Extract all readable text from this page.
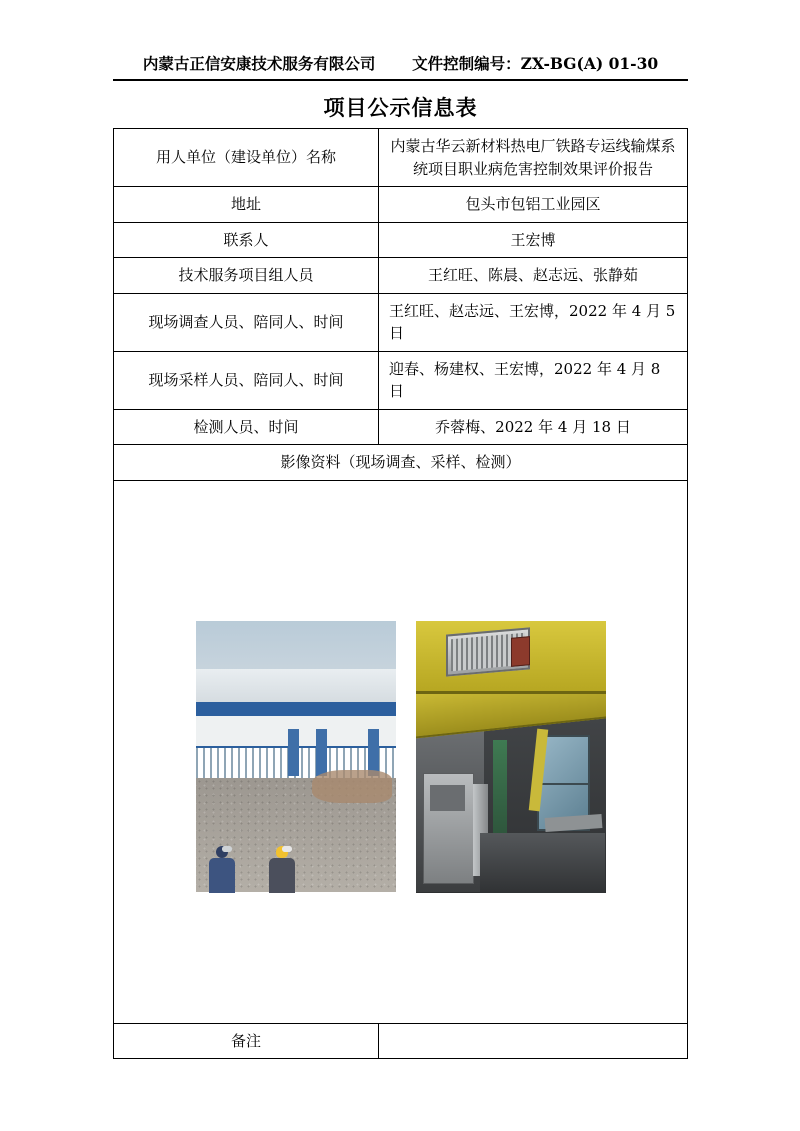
内蒙古正信安康技术服务有限公司 文件控制编号：ZX-BG(A) 01-30
项目公示信息表
用人单位（建设单位）名称	内蒙古华云新材料热电厂铁路专运线输煤系统项目职业病危害控制效果评价报告
地址	包头市包铝工业园区
联系人	王宏博
技术服务项目组人员	王红旺、陈晨、赵志远、张静茹
现场调查人员、陪同人、时间	王红旺、赵志远、王宏博，2022 年 4 月 5 日
现场采样人员、陪同人、时间	迎春、杨建权、王宏博，2022 年 4 月 8 日
检测人员、时间	乔蓉梅、2022 年 4 月 18 日
影像资料（现场调查、采样、检测）	

备注	
